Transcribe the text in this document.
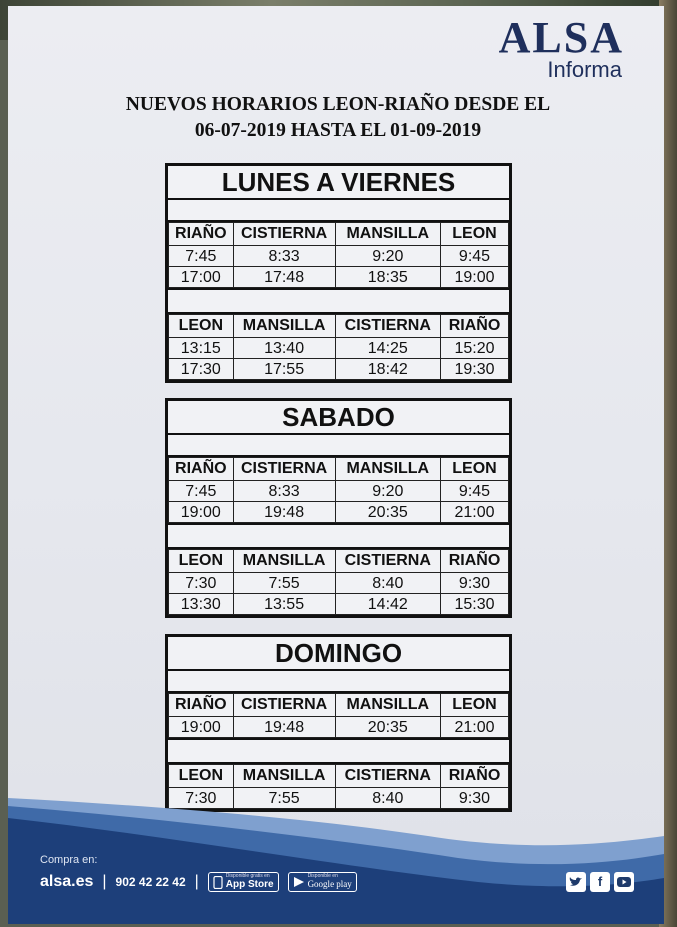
ALSA
Informa
NUEVOS HORARIOS LEON-RIAÑO DESDE EL
06-07-2019 HASTA EL 01-09-2019
LUNES A VIERNES
RIAÑO	CISTIERNA	MANSILLA	LEON
7:45	8:33	9:20	9:45
17:00	17:48	18:35	19:00
LEON	MANSILLA	CISTIERNA	RIAÑO
13:15	13:40	14:25	15:20
17:30	17:55	18:42	19:30
SABADO
RIAÑO	CISTIERNA	MANSILLA	LEON
7:45	8:33	9:20	9:45
19:00	19:48	20:35	21:00
LEON	MANSILLA	CISTIERNA	RIAÑO
7:30	7:55	8:40	9:30
13:30	13:55	14:42	15:30
DOMINGO
RIAÑO	CISTIERNA	MANSILLA	LEON
19:00	19:48	20:35	21:00
LEON	MANSILLA	CISTIERNA	RIAÑO
7:30	7:55	8:40	9:30
Compra en:
alsa.es | 902 42 22 42 |	Disponible gratis en
App Store
Disponible en
Google play	f
